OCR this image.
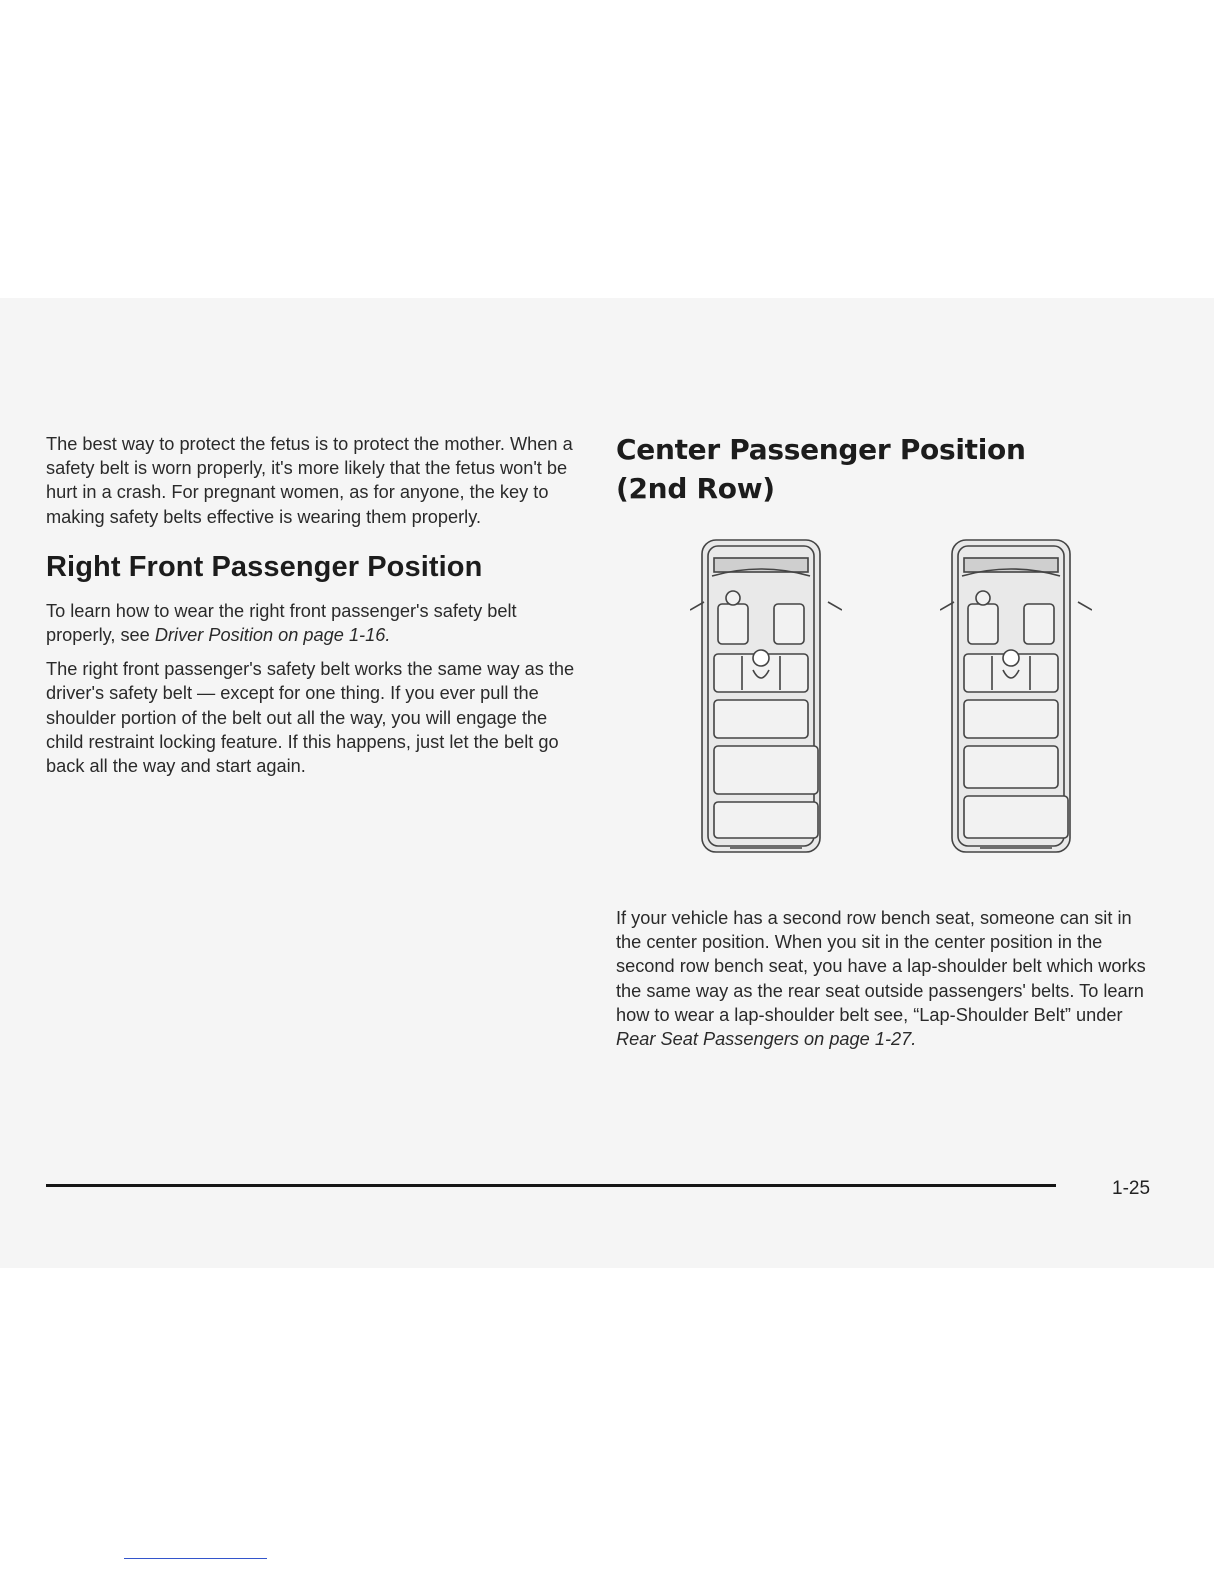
The best way to protect the fetus is to protect the mother. When a safety belt is worn properly, it's more likely that the fetus won't be hurt in a crash. For pregnant women, as for anyone, the key to making safety belts effective is wearing them properly.

Right Front Passenger Position

To learn how to wear the right front passenger's safety belt properly, see Driver Position on page 1-16.

The right front passenger's safety belt works the same way as the driver's safety belt — except for one thing. If you ever pull the shoulder portion of the belt out all the way, you will engage the child restraint locking feature. If this happens, just let the belt go back all the way and start again.

Center Passenger Position
(2nd Row)

If your vehicle has a second row bench seat, someone can sit in the center position. When you sit in the center position in the second row bench seat, you have a lap-shoulder belt which works the same way as the rear seat outside passengers' belts. To learn how to wear a lap-shoulder belt see, “Lap-Shoulder Belt” under Rear Seat Passengers on page 1-27.

1-25
